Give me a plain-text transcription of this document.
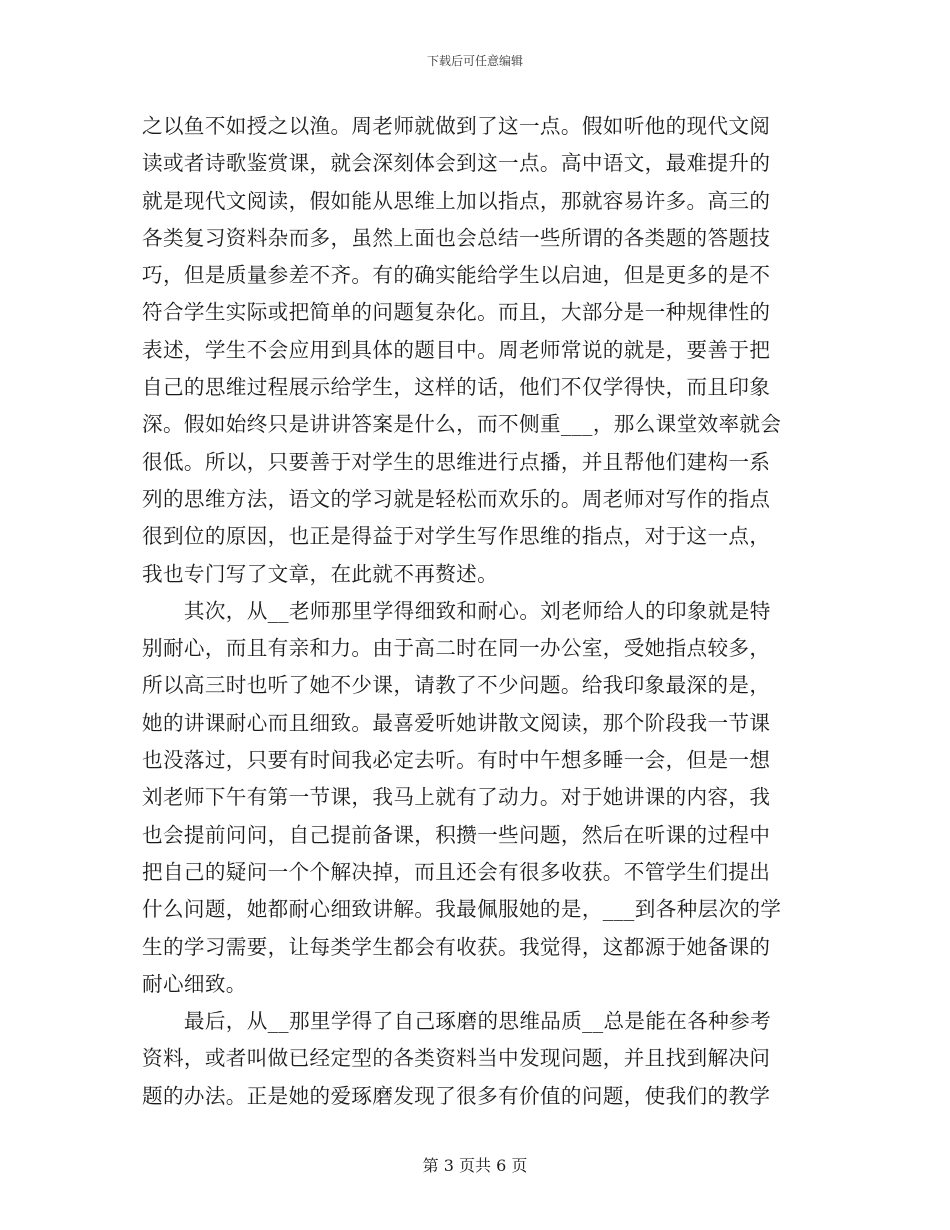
下载后可任意编辑
之以鱼不如授之以渔。周老师就做到了这一点。假如听他的现代文阅
读或者诗歌鉴赏课，就会深刻体会到这一点。高中语文，最难提升的
就是现代文阅读，假如能从思维上加以指点，那就容易许多。高三的
各类复习资料杂而多，虽然上面也会总结一些所谓的各类题的答题技
巧，但是质量参差不齐。有的确实能给学生以启迪，但是更多的是不
符合学生实际或把简单的问题复杂化。而且，大部分是一种规律性的
表述，学生不会应用到具体的题目中。周老师常说的就是，要善于把
自己的思维过程展示给学生，这样的话，他们不仅学得快，而且印象
深。假如始终只是讲讲答案是什么，而不侧重___，那么课堂效率就会
很低。所以，只要善于对学生的思维进行点播，并且帮他们建构一系
列的思维方法，语文的学习就是轻松而欢乐的。周老师对写作的指点
很到位的原因，也正是得益于对学生写作思维的指点，对于这一点，
我也专门写了文章，在此就不再赘述。
　　其次，从__老师那里学得细致和耐心。刘老师给人的印象就是特
别耐心，而且有亲和力。由于高二时在同一办公室，受她指点较多，
所以高三时也听了她不少课，请教了不少问题。给我印象最深的是，
她的讲课耐心而且细致。最喜爱听她讲散文阅读，那个阶段我一节课
也没落过，只要有时间我必定去听。有时中午想多睡一会，但是一想
刘老师下午有第一节课，我马上就有了动力。对于她讲课的内容，我
也会提前问问，自己提前备课，积攒一些问题，然后在听课的过程中
把自己的疑问一个个解决掉，而且还会有很多收获。不管学生们提出
什么问题，她都耐心细致讲解。我最佩服她的是，___到各种层次的学
生的学习需要，让每类学生都会有收获。我觉得，这都源于她备课的
耐心细致。
　　最后，从__那里学得了自己琢磨的思维品质__总是能在各种参考
资料，或者叫做已经定型的各类资料当中发现问题，并且找到解决问
题的办法。正是她的爱琢磨发现了很多有价值的问题，使我们的教学
第 3 页共 6 页
